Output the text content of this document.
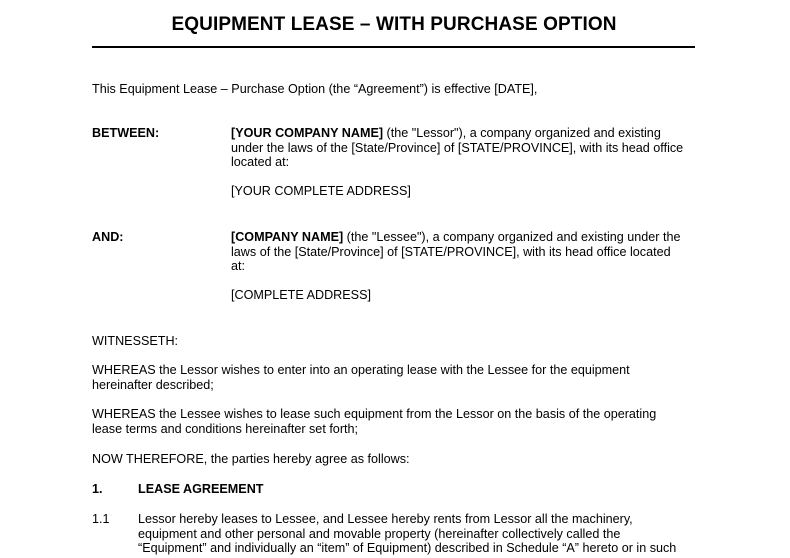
EQUIPMENT LEASE – WITH PURCHASE OPTION
This Equipment Lease – Purchase Option (the “Agreement”) is effective [DATE],
BETWEEN:	[YOUR COMPANY NAME] (the "Lessor"), a company organized and existing

under the laws of the [State/Province] of [STATE/PROVINCE], with its head office

located at:

[YOUR COMPLETE ADDRESS]

AND:	[COMPANY NAME] (the "Lessee"), a company organized and existing under the

laws of the [State/Province] of [STATE/PROVINCE], with its head office located

at:

[COMPLETE ADDRESS]

WITNESSETH:
WHEREAS the Lessor wishes to enter into an operating lease with the Lessee for the equipment
hereinafter described;
WHEREAS the Lessee wishes to lease such equipment from the Lessor on the basis of the operating
lease terms and conditions hereinafter set forth;
NOW THEREFORE, the parties hereby agree as follows:
1.	LEASE AGREEMENT
1.1 Lessor hereby leases to Lessee, and Lessee hereby rents from Lessor all the machinery,
equipment and other personal and movable property (hereinafter collectively called the
“Equipment” and individually an “item” of Equipment) described in Schedule “A” hereto or in such
